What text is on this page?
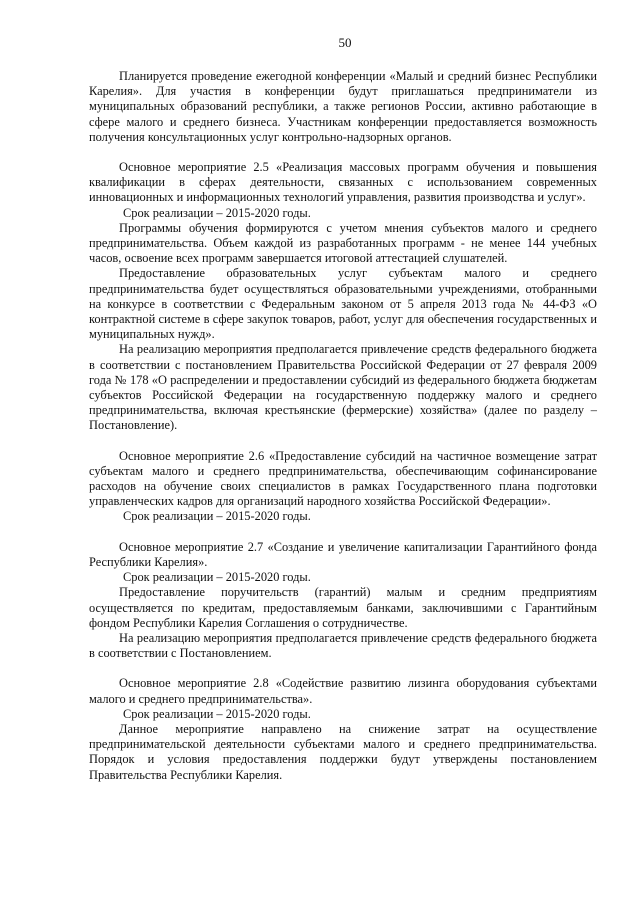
50

Планируется проведение ежегодной конференции «Малый и средний бизнес Республики Карелия». Для участия в конференции будут приглашаться предприниматели из муниципальных образований республики, а также регионов России, активно работающие в сфере малого и среднего бизнеса. Участникам конференции предоставляется возможность получения консультационных услуг контрольно-надзорных органов.

Основное мероприятие 2.5 «Реализация массовых программ обучения и повышения квалификации в сферах деятельности, связанных с использованием современных инновационных и информационных технологий управления, развития производства и услуг».

Срок реализации – 2015-2020 годы.

Программы обучения формируются с учетом мнения субъектов малого и среднего предпринимательства. Объем каждой из разработанных программ - не менее 144 учебных часов, освоение всех программ завершается итоговой аттестацией слушателей.

Предоставление образовательных услуг субъектам малого и среднего предпринимательства будет осуществляться образовательными учреждениями, отобранными на конкурсе в соответствии с Федеральным законом от 5 апреля 2013 года № 44-ФЗ «О контрактной системе в сфере закупок товаров, работ, услуг для обеспечения государственных и муниципальных нужд».

На реализацию мероприятия предполагается привлечение средств федерального бюджета в соответствии с постановлением Правительства Российской Федерации от 27 февраля 2009 года № 178 «О распределении и предоставлении субсидий из федерального бюджета бюджетам субъектов Российской Федерации на государственную поддержку малого и среднего предпринимательства, включая крестьянские (фермерские) хозяйства» (далее по разделу – Постановление).

Основное мероприятие 2.6 «Предоставление субсидий на частичное возмещение затрат субъектам малого и среднего предпринимательства, обеспечивающим софинансирование расходов на обучение своих специалистов в рамках Государственного плана подготовки управленческих кадров для организаций народного хозяйства Российской Федерации».

Срок реализации – 2015-2020 годы.

Основное мероприятие 2.7 «Создание и увеличение капитализации Гарантийного фонда Республики Карелия».

Срок реализации – 2015-2020 годы.

Предоставление поручительств (гарантий) малым и средним предприятиям осуществляется по кредитам, предоставляемым банками, заключившими с Гарантийным фондом Республики Карелия Соглашения о сотрудничестве.

На реализацию мероприятия предполагается привлечение средств федерального бюджета в соответствии с Постановлением.

Основное мероприятие 2.8 «Содействие развитию лизинга оборудования субъектами малого и среднего предпринимательства».

Срок реализации – 2015-2020 годы.

Данное мероприятие направлено на снижение затрат на осуществление предпринимательской деятельности субъектами малого и среднего предпринимательства. Порядок и условия предоставления поддержки будут утверждены постановлением Правительства Республики Карелия.
